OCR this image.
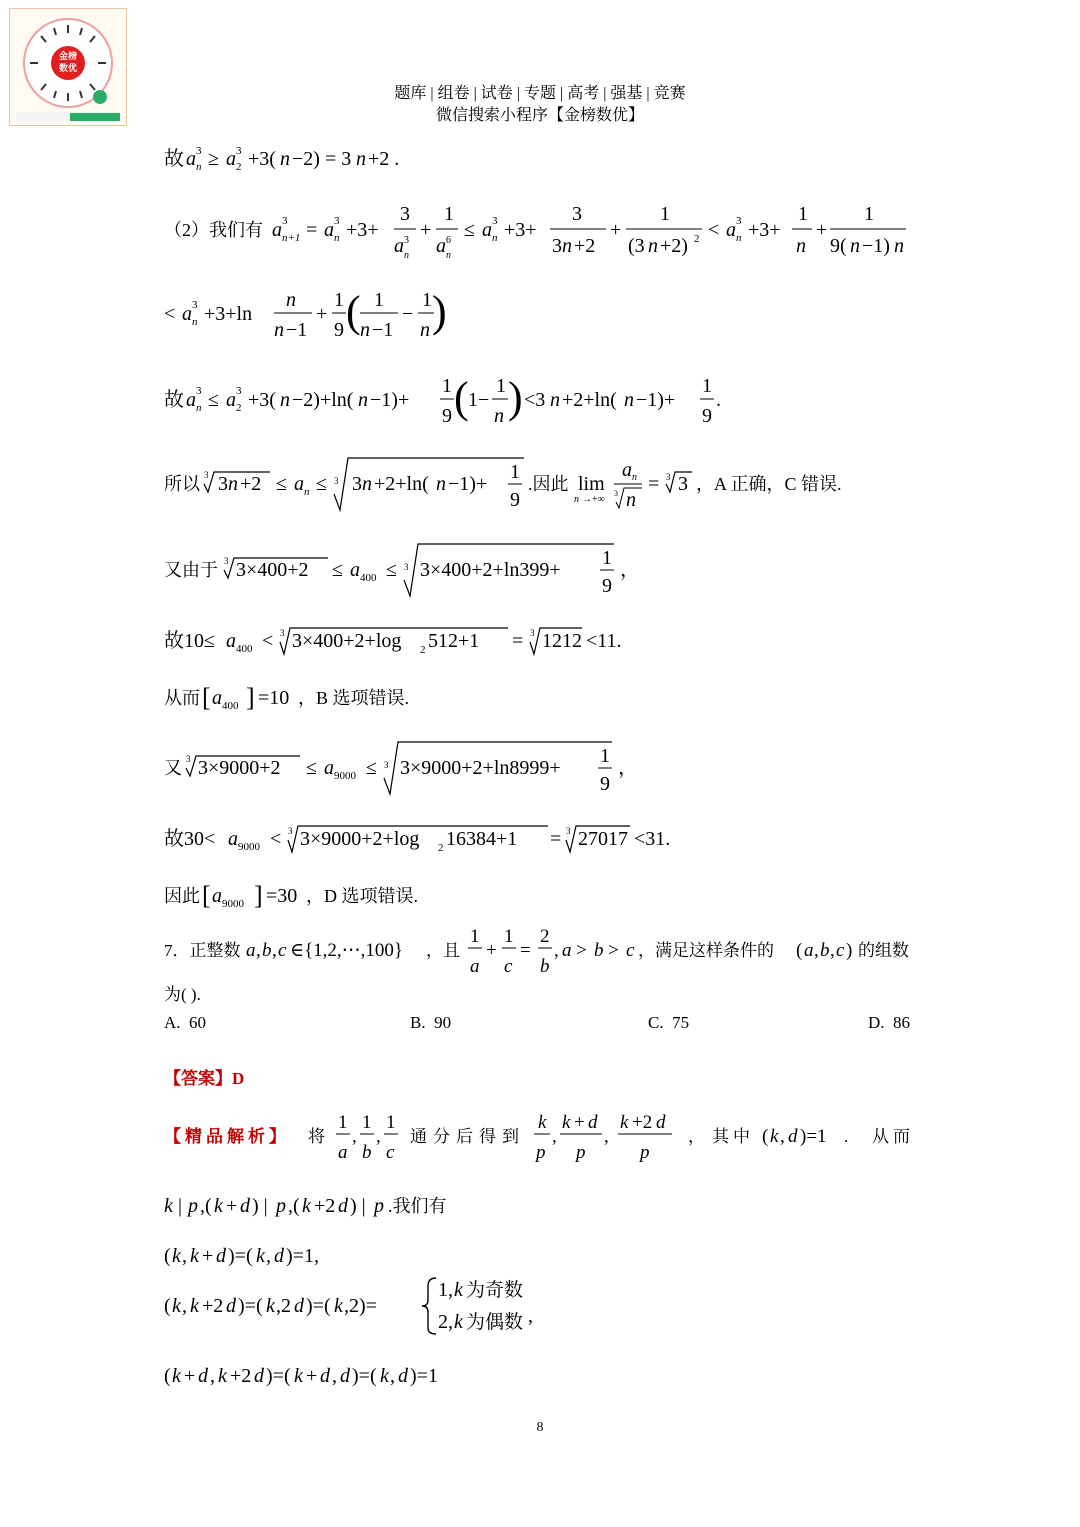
金榜
数优
题库 | 组卷 | 试卷 | 专题 | 高考 | 强基 | 竞赛
微信搜索小程序【金榜数优】
故 a 3
n ≥ a 3
2 +3( n −2) = 3 n +2 .
（2）我们有 a 3
n+1 = a 3
n +3+
3
a 3
n
+
1
a 6
n
≤ a 3
n +3+
3
3 n +2
+
1
(3 n +2) 2 < a 3
n +3+
1
n
+
1
9( n −1) n
< a 3
n +3+ln
n
n −1
+
1
9 ( 1
n −1
−
1
n )
故 a 3
n ≤ a 3
2 +3( n −2)+ln( n −1)+
1
9 ( 1−
1
n ) <3 n +2+ln( n −1)+
1
9
.
所以 3 3 n +2 ≤ a n ≤ 3 3 n +2+ln( n −1)+
1
9
.因此 lim
n →+∞
a n
3 n
= 3 3 ，A 正确，C 错误.
又由于 3 3×400+2 ≤ a 400 ≤ 3 3×400+2+ln399+
1
9
，
故10≤ a 400 < 3 3×400+2+log 2 512+1 = 3 1212 <11.
从而 [ a 400 ] =10 ，B 选项错误.
又 3 3×9000+2 ≤ a 9000 ≤ 3 3×9000+2+ln8999+
1
9
，
故30< a 9000 < 3 3×9000+2+log 2 16384+1 = 3 27017 <31.
因此 [ a 9000 ] =30 ，D 选项错误.
7．正整数 a , b , c ∈{1,2,⋯,100} ，且
1
a
+
1
c
=
2
b
, a > b > c ，满足这样条件的 ( a , b , c ) 的组数
为( ).
A. 60	B. 90	C. 75	D. 86
【答案】D
【精品解析】 将
1
a
,
1
b
,
1
c
通分后得到
k
p
,
k + d
p
,
k +2 d
p
， 其中 ( k , d )=1 . 从而
k | p ,( k + d ) | p ,( k +2 d ) | p .我们有
( k , k + d )=( k , d )=1,
( k , k +2 d )=( k ,2 d )=( k ,2)=
1, k 为奇数
2, k 为偶数 ,
( k + d , k +2 d )=( k + d , d )=( k , d )=1
8
